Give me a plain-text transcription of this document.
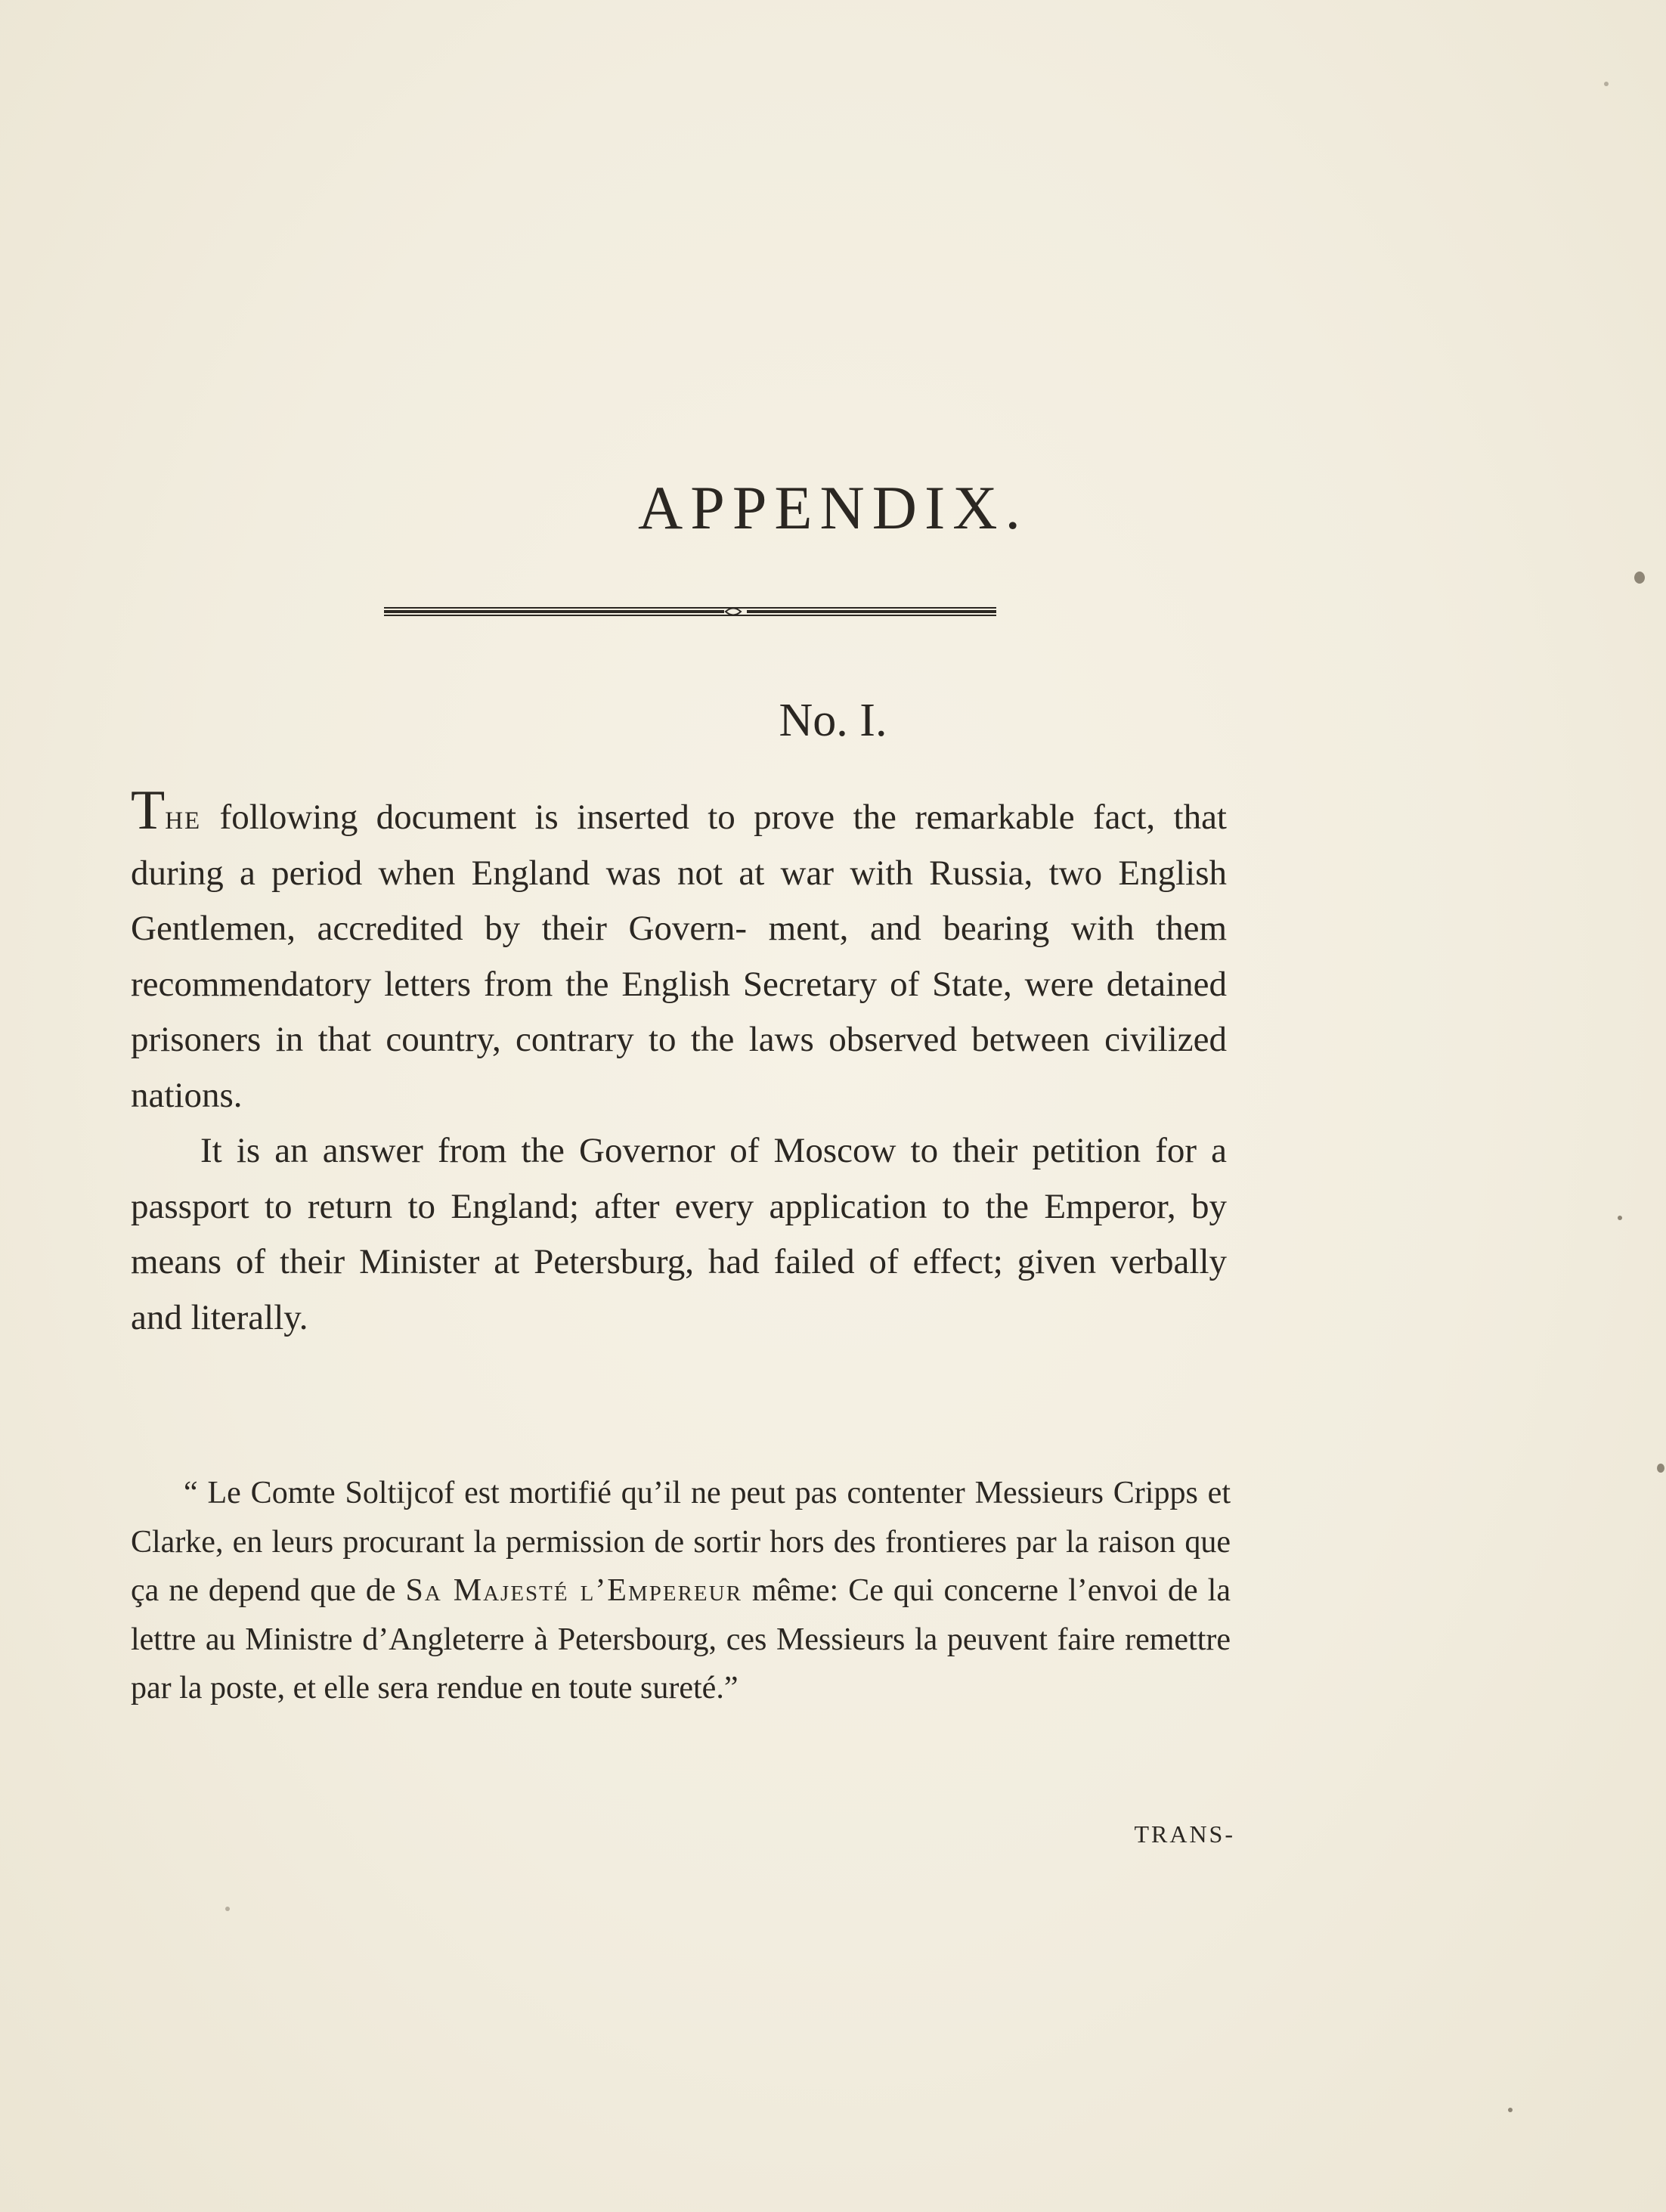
APPENDIX.
No. I.

The following document is inserted to prove the remarkable fact, that during a period when England was not at war with Russia, two English Gentlemen, accredited by their Govern- ment, and bearing with them recommendatory letters from the English Secretary of State, were detained prisoners in that country, contrary to the laws observed between civilized nations.

It is an answer from the Governor of Moscow to their petition for a passport to return to England; after every application to the Emperor, by means of their Minister at Petersburg, had failed of effect; given verbally and literally.

“ Le Comte Soltijcof est mortifié qu’il ne peut pas contenter Messieurs Cripps et Clarke, en leurs procurant la permission de sortir hors des frontieres par la raison que ça ne depend que de Sa Majesté l’Empereur même: Ce qui concerne l’envoi de la lettre au Ministre d’Angleterre à Petersbourg, ces Messieurs la peuvent faire remettre par la poste, et elle sera rendue en toute sureté.”

TRANS-
